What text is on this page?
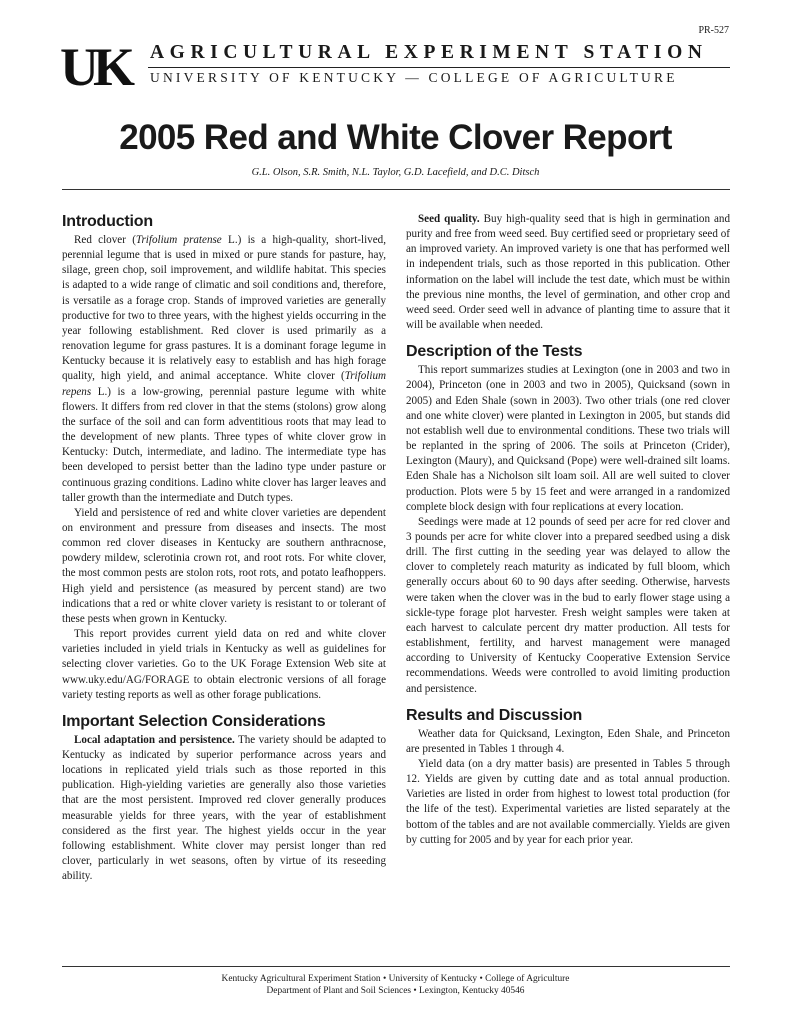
PR-527
UK	AGRICULTURAL EXPERIMENT STATION
UNIVERSITY OF KENTUCKY — COLLEGE OF AGRICULTURE
2005 Red and White Clover Report
G.L. Olson, S.R. Smith, N.L. Taylor, G.D. Lacefield, and D.C. Ditsch
Introduction

Red clover (Trifolium pratense L.) is a high-quality, short-lived, perennial legume that is used in mixed or pure stands for pasture, hay, silage, green chop, soil improvement, and wildlife habitat. This species is adapted to a wide range of climatic and soil conditions and, therefore, is versatile as a forage crop. Stands of improved varieties are generally productive for two to three years, with the highest yields occurring in the year following establishment. Red clover is used primarily as a renovation legume for grass pastures. It is a dominant forage legume in Kentucky because it is relatively easy to establish and has high forage quality, high yield, and animal acceptance. White clover (Trifolium repens L.) is a low-growing, perennial pasture legume with white flowers. It differs from red clover in that the stems (stolons) grow along the surface of the soil and can form adventitious roots that may lead to the development of new plants. Three types of white clover grow in Kentucky: Dutch, intermediate, and ladino. The intermediate type has been developed to persist better than the ladino type under pasture or continuous grazing conditions. Ladino white clover has larger leaves and taller growth than the intermediate and Dutch types.

Yield and persistence of red and white clover varieties are dependent on environment and pressure from diseases and insects. The most common red clover diseases in Kentucky are southern anthracnose, powdery mildew, sclerotinia crown rot, and root rots. For white clover, the most common pests are stolon rots, root rots, and potato leafhoppers. High yield and persistence (as measured by percent stand) are two indications that a red or white clover variety is resistant to or tolerant of these pests when grown in Kentucky.

This report provides current yield data on red and white clover varieties included in yield trials in Kentucky as well as guidelines for selecting clover varieties. Go to the UK Forage Extension Web site at www.uky.edu/AG/FORAGE to obtain electronic versions of all forage variety testing reports as well as other forage publications.

Important Selection Considerations

Local adaptation and persistence. The variety should be adapted to Kentucky as indicated by superior performance across years and locations in replicated yield trials such as those reported in this publication. High-yielding varieties are generally also those varieties that are the most persistent. Improved red clover generally produces measurable yields for three years, with the year of establishment considered as the first year. The highest yields occur in the year following establishment. White clover may persist longer than red clover, particularly in wet seasons, often by virtue of its reseeding ability.

Seed quality. Buy high-quality seed that is high in germination and purity and free from weed seed. Buy certified seed or proprietary seed of an improved variety. An improved variety is one that has performed well in independent trials, such as those reported in this publication. Other information on the label will include the test date, which must be within the previous nine months, the level of germination, and other crop and weed seed. Order seed well in advance of planting time to assure that it will be available when needed.

Description of the Tests

This report summarizes studies at Lexington (one in 2003 and two in 2004), Princeton (one in 2003 and two in 2005), Quicksand (sown in 2005) and Eden Shale (sown in 2003). Two other trials (one red clover and one white clover) were planted in Lexington in 2005, but stands did not establish well due to environmental conditions. These two trials will be replanted in the spring of 2006. The soils at Princeton (Crider), Lexington (Maury), and Quicksand (Pope) were well-drained silt loams. Eden Shale has a Nicholson silt loam soil. All are well suited to clover production. Plots were 5 by 15 feet and were arranged in a randomized complete block design with four replications at every location.

Seedings were made at 12 pounds of seed per acre for red clover and 3 pounds per acre for white clover into a prepared seedbed using a disk drill. The first cutting in the seeding year was delayed to allow the clover to completely reach maturity as indicated by full bloom, which generally occurs about 60 to 90 days after seeding. Otherwise, harvests were taken when the clover was in the bud to early flower stage using a sickle-type forage plot harvester. Fresh weight samples were taken at each harvest to calculate percent dry matter production. All tests for establishment, fertility, and harvest management were managed according to University of Kentucky Cooperative Extension Service recommendations. Weeds were controlled to avoid limiting production and persistence.

Results and Discussion

Weather data for Quicksand, Lexington, Eden Shale, and Princeton are presented in Tables 1 through 4.

Yield data (on a dry matter basis) are presented in Tables 5 through 12. Yields are given by cutting date and as total annual production. Varieties are listed in order from highest to lowest total production (for the life of the test). Experimental varieties are listed separately at the bottom of the tables and are not available commercially. Yields are given by cutting for 2005 and by year for each prior year.

Kentucky Agricultural Experiment Station • University of Kentucky • College of Agriculture
Department of Plant and Soil Sciences • Lexington, Kentucky 40546
